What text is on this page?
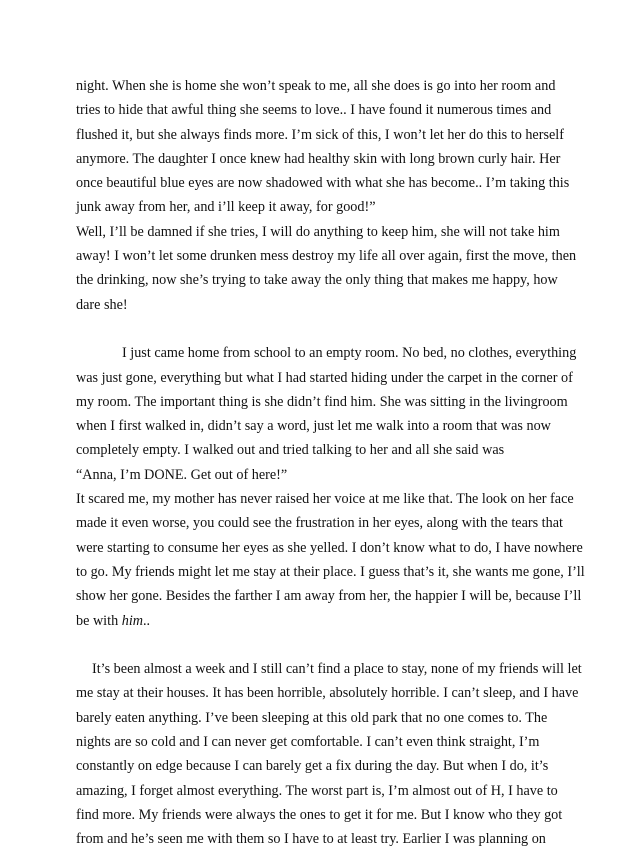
night. When she is home she won’t speak to me, all she does is go into her room and
tries to hide that awful thing she seems to love.. I have found it numerous times and
flushed it, but she always finds more. I’m sick of this, I won’t let her do this to herself
anymore. The daughter I once knew had healthy skin with long brown curly hair. Her
once beautiful blue eyes are now shadowed with what she has become.. I’m taking this
junk away from her, and i’ll keep it away, for good!”
Well, I’ll be damned if she tries, I will do anything to keep him, she will not take him
away! I won’t let some drunken mess destroy my life all over again, first the move, then
the drinking, now she’s trying to take away the only thing that makes me happy, how
dare she!
I just came home from school to an empty room. No bed, no clothes, everything
was just gone, everything but what I had started hiding under the carpet in the corner of
my room. The important thing is she didn’t find him. She was sitting in the livingroom
when I first walked in, didn’t say a word, just let me walk into a room that was now
completely empty. I walked out and tried talking to her and all she said was
“Anna, I’m DONE. Get out of here!”
It scared me, my mother has never raised her voice at me like that. The look on her face
made it even worse, you could see the frustration in her eyes, along with the tears that
were starting to consume her eyes as she yelled. I don’t know what to do, I have nowhere
to go. My friends might let me stay at their place. I guess that’s it, she wants me gone, I’ll
show her gone. Besides the farther I am away from her, the happier I will be, because I’ll
be with him..
It’s been almost a week and I still can’t find a place to stay, none of my friends will let
me stay at their houses. It has been horrible, absolutely horrible. I can’t sleep, and I have
barely eaten anything. I’ve been sleeping at this old park that no one comes to. The
nights are so cold and I can never get comfortable. I can’t even think straight, I’m
constantly on edge because I can barely get a fix during the day. But when I do, it’s
amazing, I forget almost everything. The worst part is, I’m almost out of H, I have to
find more. My friends were always the ones to get it for me. But I know who they got
from and he’s seen me with them so I have to at least try. Earlier I was planning on
